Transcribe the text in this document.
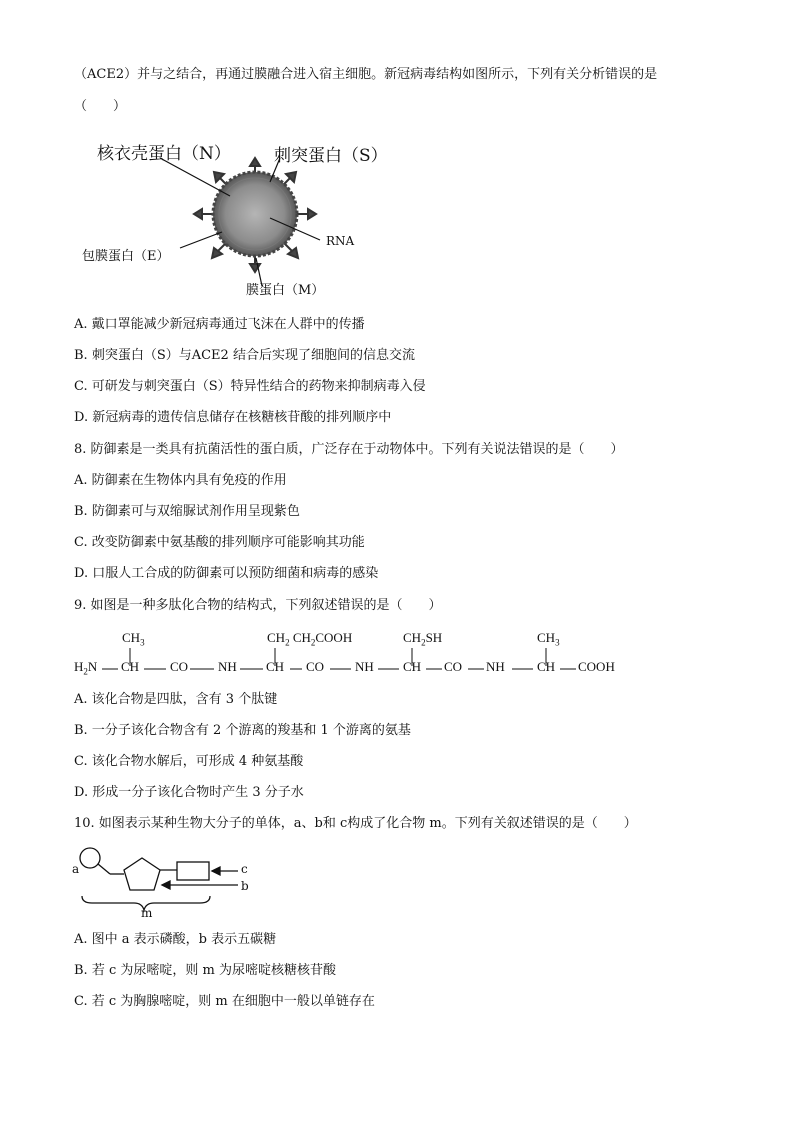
（ACE2）并与之结合，再通过膜融合进入宿主细胞。新冠病毒结构如图所示，下列有关分析错误的是
（　　）
核衣壳蛋白（N）	刺突蛋白（S）
包膜蛋白（E）
RNA
膜蛋白（M）
A. 戴口罩能减少新冠病毒通过飞沫在人群中的传播
B. 刺突蛋白（S）与ACE2 结合后实现了细胞间的信息交流
C. 可研发与刺突蛋白（S）特异性结合的药物来抑制病毒入侵
D. 新冠病毒的遗传信息储存在核糖核苷酸的排列顺序中
8. 防御素是一类具有抗菌活性的蛋白质，广泛存在于动物体中。下列有关说法错误的是（　　）
A. 防御素在生物体内具有免疫的作用
B. 防御素可与双缩脲试剂作用呈现紫色
C. 改变防御素中氨基酸的排列顺序可能影响其功能
D. 口服人工合成的防御素可以预防细菌和病毒的感染
9. 如图是一种多肽化合物的结构式，下列叙述错误的是（　　）
$CH_3$	$CH_2$ $CH_2COOH$	$CH_2SH$	$CH_3$
$H_2N$ CH CO NH CH CO NH CH CO NH CH COOH
A. 该化合物是四肽，含有 3 个肽键
B. 一分子该化合物含有 2 个游离的羧基和 1 个游离的氨基
C. 该化合物水解后，可形成 4 种氨基酸
D. 形成一分子该化合物时产生 3 分子水
10. 如图表示某种生物大分子的单体，a、b和 c构成了化合物 m。下列有关叙述错误的是（　　）
a	c
b
m
A. 图中 a 表示磷酸，b 表示五碳糖
B. 若 c 为尿嘧啶，则 m 为尿嘧啶核糖核苷酸
C. 若 c 为胸腺嘧啶，则 m 在细胞中一般以单链存在
